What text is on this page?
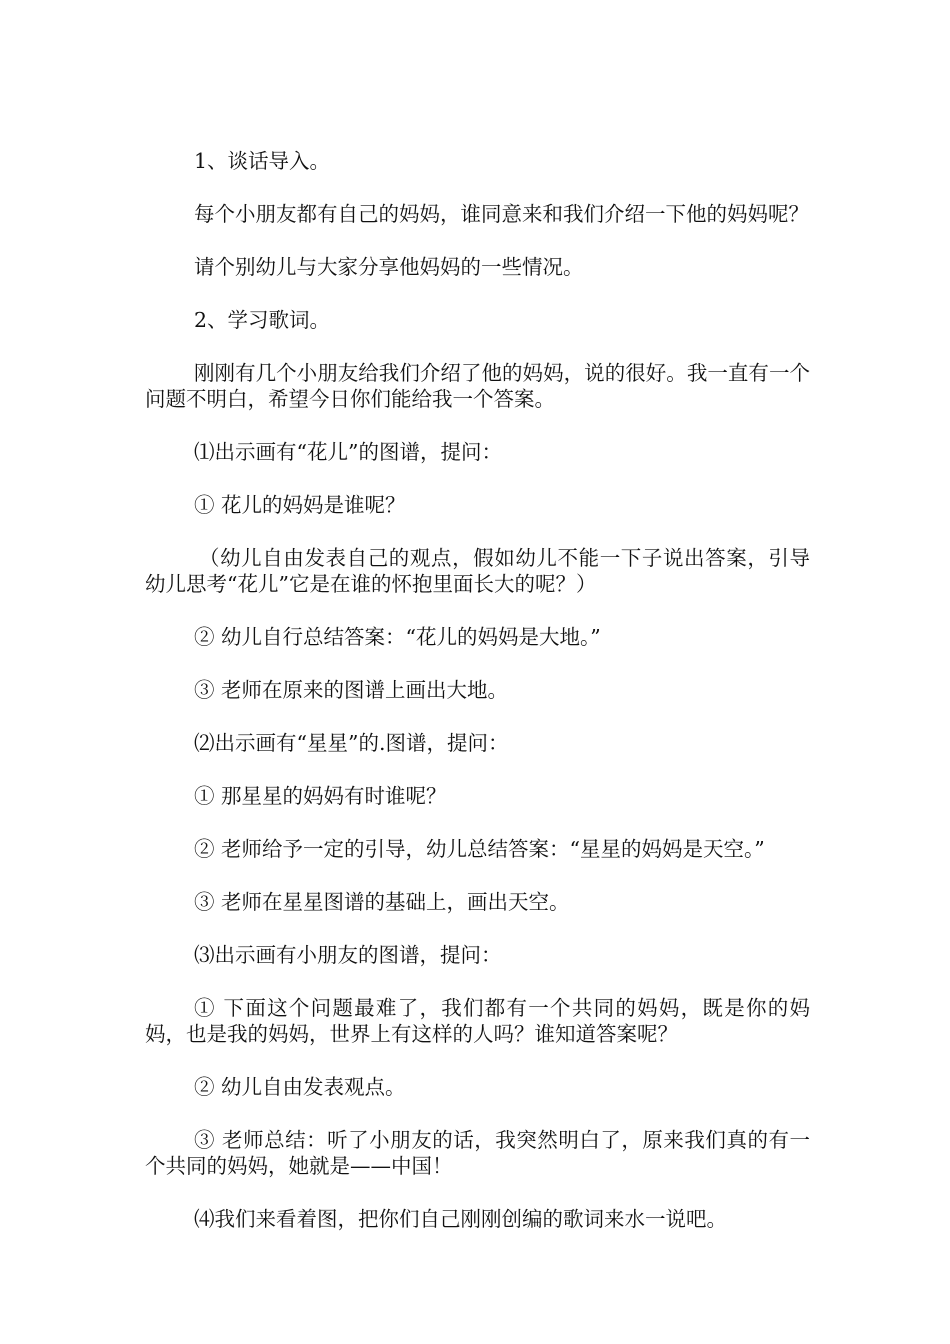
1、谈话导入。

每个小朋友都有自己的妈妈，谁同意来和我们介绍一下他的妈妈呢？

请个别幼儿与大家分享他妈妈的一些情况。

2、学习歌词。

刚刚有几个小朋友给我们介绍了他的妈妈，说的很好。我一直有一个问题不明白，希望今日你们能给我一个答案。

⑴出示画有“花儿”的图谱，提问：

① 花儿的妈妈是谁呢？

（幼儿自由发表自己的观点，假如幼儿不能一下子说出答案，引导幼儿思考“花儿”它是在谁的怀抱里面长大的呢？）

② 幼儿自行总结答案：“花儿的妈妈是大地。”

③ 老师在原来的图谱上画出大地。

⑵出示画有“星星”的.图谱，提问：

① 那星星的妈妈有时谁呢？

② 老师给予一定的引导，幼儿总结答案：“星星的妈妈是天空。”

③ 老师在星星图谱的基础上，画出天空。

⑶出示画有小朋友的图谱，提问：

① 下面这个问题最难了，我们都有一个共同的妈妈，既是你的妈妈，也是我的妈妈，世界上有这样的人吗？谁知道答案呢？

② 幼儿自由发表观点。

③ 老师总结：听了小朋友的话，我突然明白了，原来我们真的有一个共同的妈妈，她就是——中国！

⑷我们来看着图，把你们自己刚刚创编的歌词来水一说吧。
